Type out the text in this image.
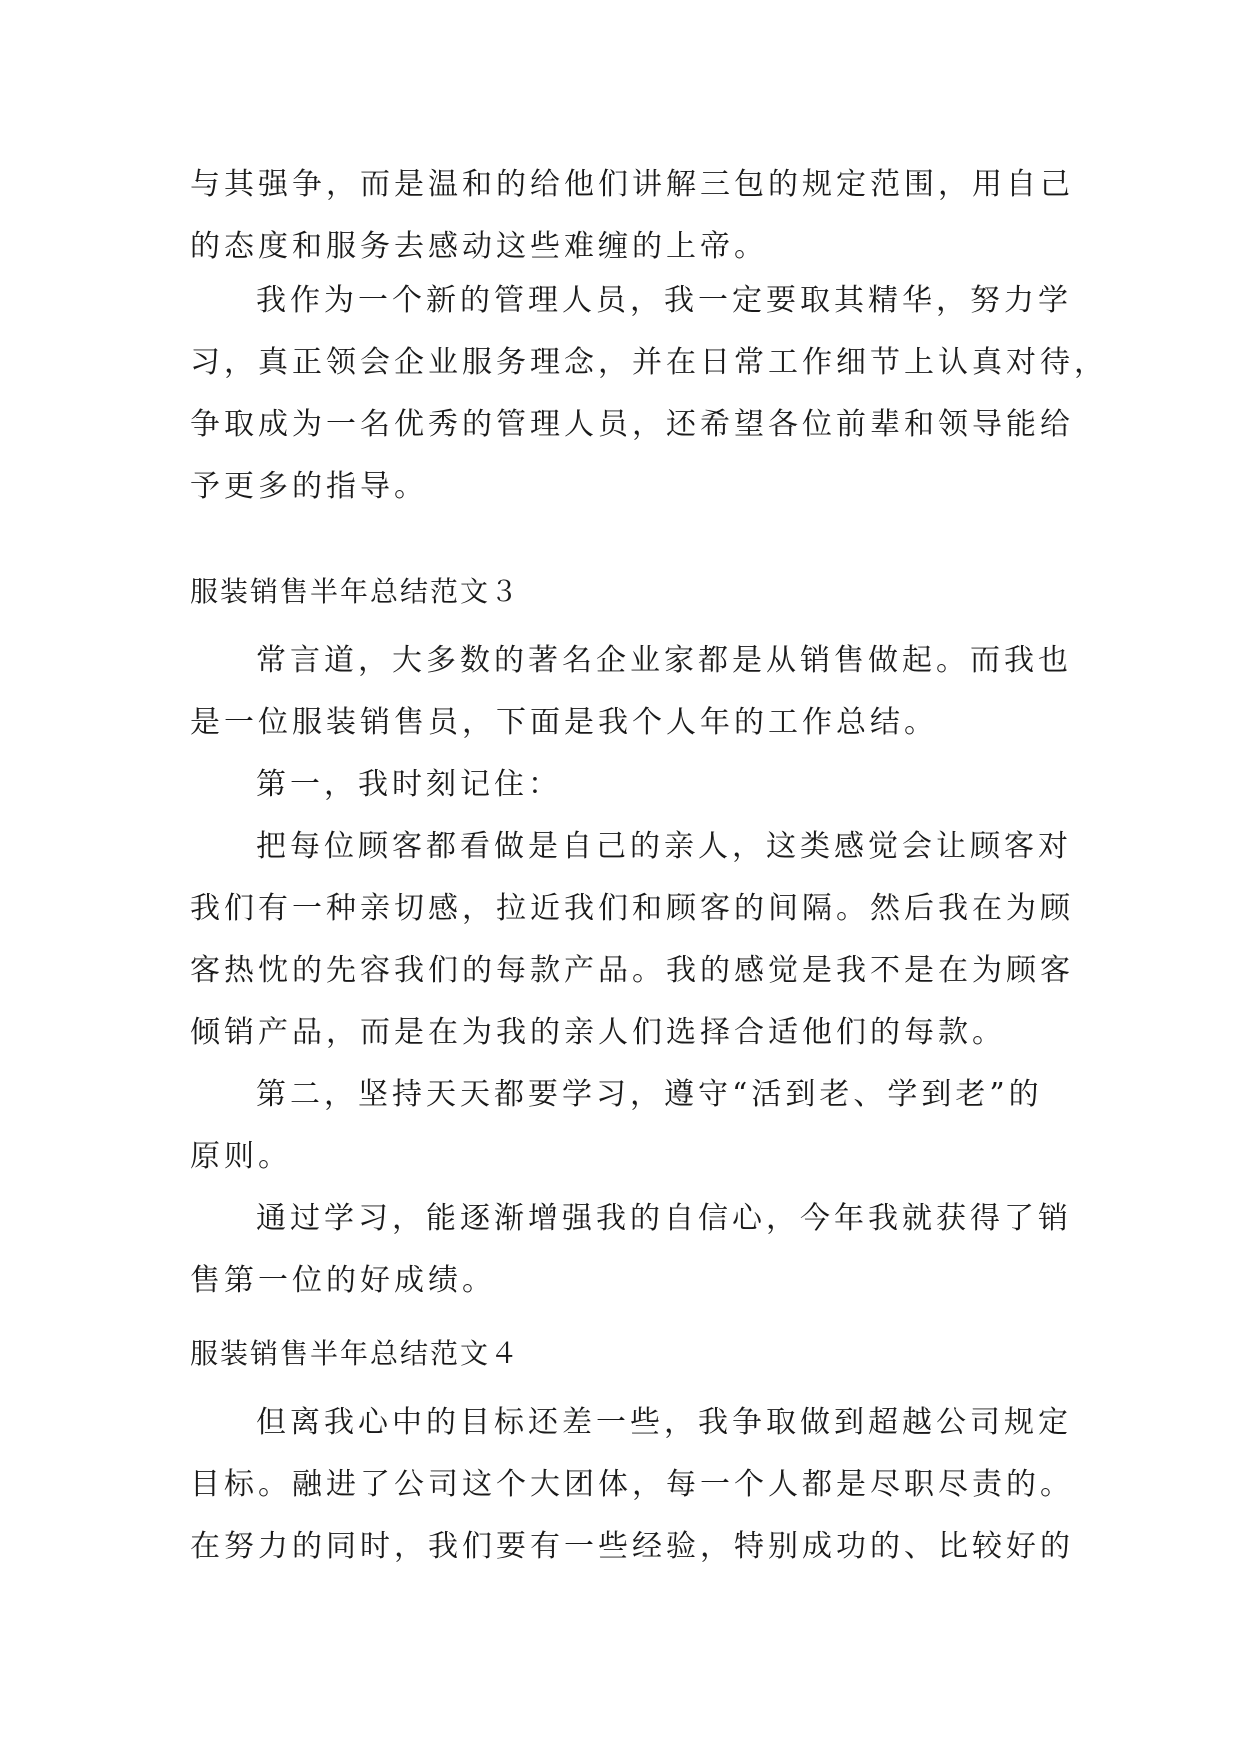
与其强争，而是温和的给他们讲解三包的规定范围，用自己
的态度和服务去感动这些难缠的上帝。

我作为一个新的管理人员，我一定要取其精华，努力学
习，真正领会企业服务理念，并在日常工作细节上认真对待，
争取成为一名优秀的管理人员，还希望各位前辈和领导能给
予更多的指导。

服装销售半年总结范文３

常言道，大多数的著名企业家都是从销售做起。而我也
是一位服装销售员，下面是我个人年的工作总结。

第一，我时刻记住：

把每位顾客都看做是自己的亲人，这类感觉会让顾客对
我们有一种亲切感，拉近我们和顾客的间隔。然后我在为顾
客热忱的先容我们的每款产品。我的感觉是我不是在为顾客
倾销产品，而是在为我的亲人们选择合适他们的每款。

第二，坚持天天都要学习，遵守“活到老、学到老”的
原则。

通过学习，能逐渐增强我的自信心，今年我就获得了销
售第一位的好成绩。

服装销售半年总结范文４

但离我心中的目标还差一些，我争取做到超越公司规定
目标。融进了公司这个大团体，每一个人都是尽职尽责的。
在努力的同时，我们要有一些经验，特别成功的、比较好的
